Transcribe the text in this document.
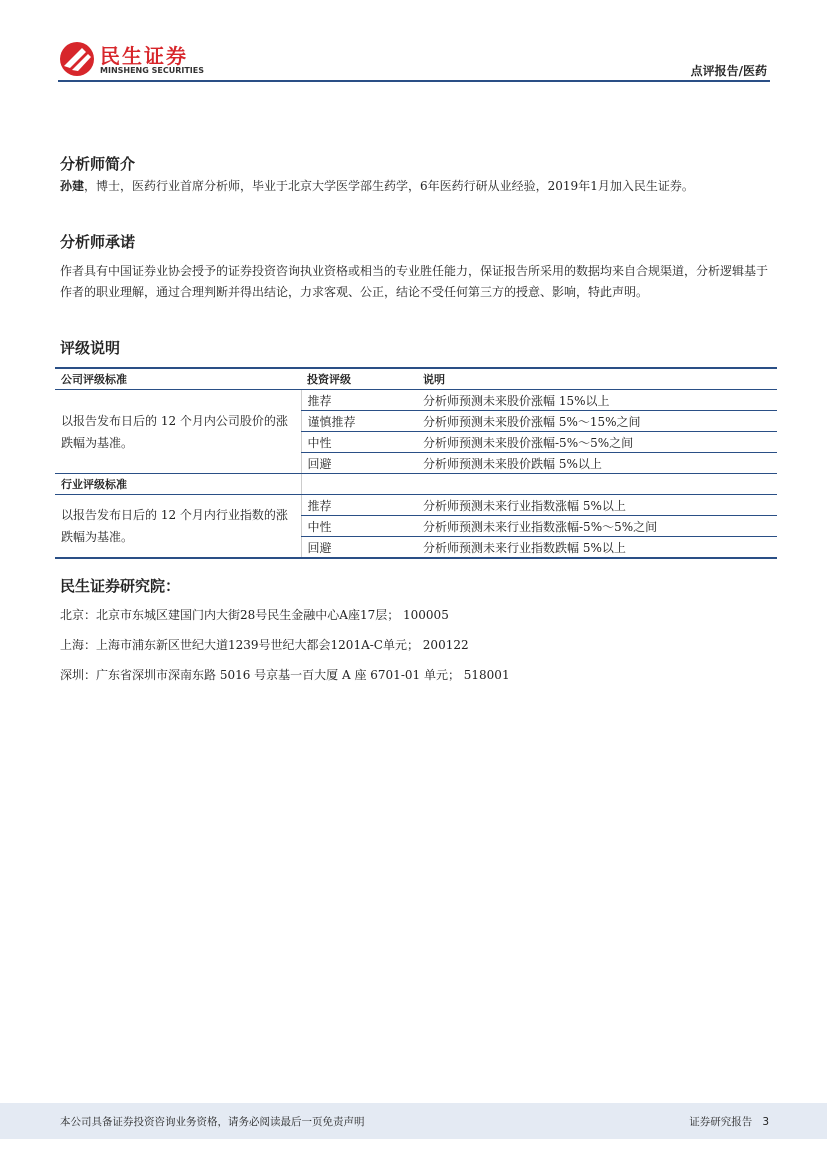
民生证券
MINSHENG SECURITIES	点评报告/医药
分析师简介
孙建，博士，医药行业首席分析师，毕业于北京大学医学部生药学，6年医药行研从业经验，2019年1月加入民生证券。
分析师承诺
作者具有中国证券业协会授予的证券投资咨询执业资格或相当的专业胜任能力，保证报告所采用的数据均来自合规渠道，分析逻辑基于作者的职业理解，通过合理判断并得出结论，力求客观、公正，结论不受任何第三方的授意、影响，特此声明。
评级说明
公司评级标准	投资评级	说明
以报告发布日后的 12 个月内公司股价的涨跌幅为基准。	推荐	分析师预测未来股价涨幅 15%以上
	谨慎推荐	分析师预测未来股价涨幅 5%～15%之间
	中性	分析师预测未来股价涨幅-5%～5%之间
	回避	分析师预测未来股价跌幅 5%以上
行业评级标准		
以报告发布日后的 12 个月内行业指数的涨跌幅为基准。	推荐	分析师预测未来行业指数涨幅 5%以上
	中性	分析师预测未来行业指数涨幅-5%～5%之间
	回避	分析师预测未来行业指数跌幅 5%以上
民生证券研究院：
北京：北京市东城区建国门内大街28号民生金融中心A座17层； 100005
上海：上海市浦东新区世纪大道1239号世纪大都会1201A-C单元； 200122
深圳：广东省深圳市深南东路 5016 号京基一百大厦 A 座 6701-01 单元； 518001
本公司具备证券投资咨询业务资格，请务必阅读最后一页免责声明	证券研究报告 3
